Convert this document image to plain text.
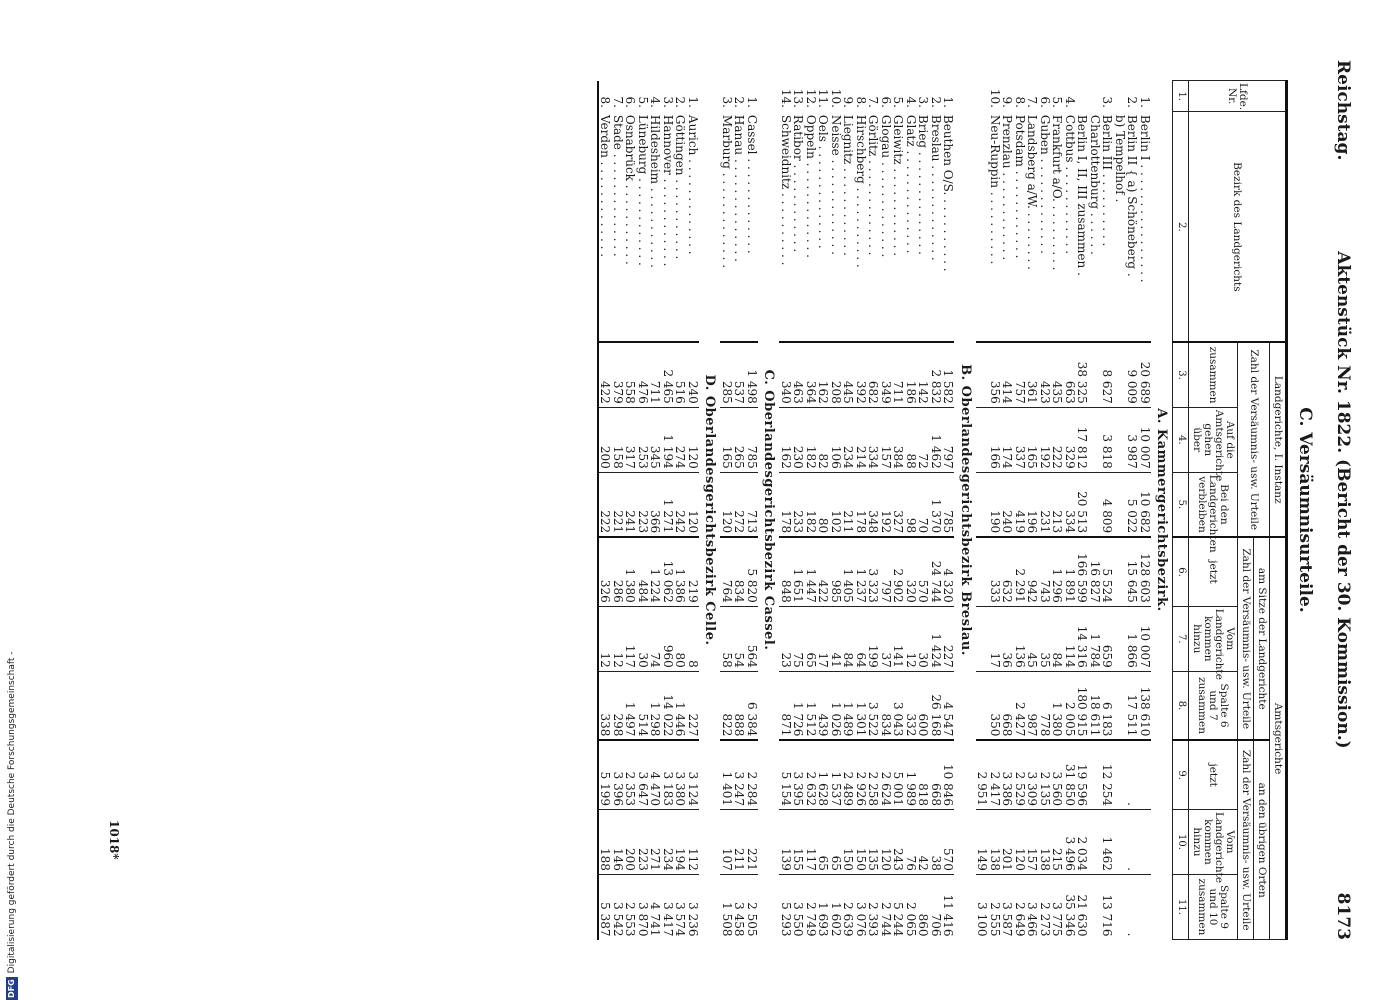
DFGDigitalisierung gefördert durch die Deutsche Forschungsgemeinschaft -
Reichstag.
Aktenstück Nr. 1822. (Bericht der 30. Kommission.)
8173
C. Versäumnisurteile.
Lfde. Nr.	Bezirk des Landgerichts	Landgerichte, I. Instanz			Amtsgerichte					
		Zahl der Versäumnis- usw. Urteile			am Sitze der Landgerichte			an den übrigen Orten		
					Zahl der Versäumnis- usw. Urteile			Zahl der Versäumnis- usw. Urteile		
		zusammen	Auf die Amtsgerichte gehen über	Bei den Landgerichten verbleiben	jetzt	Vom Landgerichte kommen hinzu	Spalte 6 und 7 zusammen	jetzt	Vom Landgerichte kommen hinzu	Spalte 9 und 10 zusammen
1.	2.	3.	4.	5.	6.	7.	8.	9.	10.	11.
A. Kammergerichtsbezirk.										
1.	Berlin I . . . . . . . . . . . . . . . .	20 689	10 007	10 682	128 603	10 007	138 610			
2.	Berlin II { a) Schöneberg .	9 009	3 987	5 022	15 645	1 866	17 511	.	.	.
	b) Tempelhof .									
3.	Berlin III . . . . . . . . . .	8 627	3 818	4 809	5 524	659	6 183	12 254	1 462	13 716
	Charlottenburg . . . . . .				16 827	1 784	18 611			
	Berlin I, II, III zusammen .	38 325	17 812	20 513	166 599	14 316	180 915	19 596	2 034	21 630
4.	Cottbus . . . . . . . . . . . .	663	329	334	1 891	114	2 005	31 850	3 496	35 346
5.	Frankfurt a/O. . . . . . . . . .	435	222	213	1 296	84	1 380	3 560	215	3 775
6.	Guben . . . . . . . . . . . . .	423	192	231	743	35	778	2 135	138	2 273
7.	Landsberg a/W. . . . . . . . .	361	165	196	942	45	987	3 309	157	3 466
8.	Potsdam . . . . . . . . . . . .	757	337	419	2 291	136	2 427	2 529	120	2 649
9.	Prenzlau . . . . . . . . . . . .	414	174	240	632	36	668	3 386	201	3 587
10.	Neu-Ruppin . . . . . . . . . .	356	166	190	333	17	350	2 417	138	2 555
								2 951	149	3 100
B. Oberlandesgerichtsbezirk Breslau.										
1.	Beuthen O/S. . . . . . . . . . .	1 582	797	785	4 320	227	4 547	10 846	570	11 416
2.	Breslau . . . . . . . . . . . . .	2 832	1 462	1 370	24 744	1 424	26 168	668	38	706
3.	Brieg . . . . . . . . . . . . . .	142	72	70	570	30	600	818	42	860
4.	Glatz . . . . . . . . . . . . . .	186	88	98	320	12	332	1 989	76	2 065
5.	Gleiwitz . . . . . . . . . . . .	711	384	327	2 902	141	3 043	5 001	243	5 244
6.	Glogau . . . . . . . . . . . . .	349	157	192	797	37	834	2 624	120	2 744
7.	Görlitz . . . . . . . . . . . . .	682	334	348	3 323	199	3 522	2 258	135	2 393
8.	Hirschberg . . . . . . . . . . .	392	214	178	1 237	64	1 301	2 926	150	3 076
9.	Liegnitz . . . . . . . . . . . .	445	234	211	1 405	84	1 489	2 489	150	2 639
10.	Neisse . . . . . . . . . . . . .	208	106	102	985	41	1 026	1 537	65	1 602
11.	Oels . . . . . . . . . . . . . .	162	82	80	422	17	439	1 628	65	1 693
12.	Oppeln . . . . . . . . . . . . .	364	182	182	1 447	65	1 512	2 632	117	2 749
13.	Ratibor . . . . . . . . . . . .	463	230	233	1 651	75	1 726	3 395	155	3 550
14.	Schweidnitz . . . . . . . . . .	340	162	178	848	23	871	5 154	139	5 293
C. Oberlandesgerichtsbezirk Cassel.										
1.	Cassel . . . . . . . . . . . . .	1 498	785	713	5 820	564	6 384	2 284	221	2 505
2.	Hanau . . . . . . . . . . . . . .	537	265	272	834	54	888	3 247	211	3 458
3.	Marburg . . . . . . . . . . . . .	285	165	120	764	58	822	1 401	107	1 508
D. Oberlandesgerichtsbezirk Celle.										
1.	Aurich . . . . . . . . . . . . .	240	120	120	219	8	227	3 124	112	3 236
2.	Göttingen . . . . . . . . . . .	516	274	242	1 386	80	1 446	3 380	194	3 574
3.	Hannover . . . . . . . . . . . .	2 465	1 194	1 271	13 062	960	14 022	3 183	234	3 417
4.	Hildesheim . . . . . . . . . . .	711	345	366	1 224	74	1 298	4 470	271	4 741
5.	Lüneburg . . . . . . . . . . . .	476	253	223	484	30	514	3 647	223	3 870
6.	Osnabrück . . . . . . . . . . .	558	317	241	1 380	117	1 497	2 353	200	2 553
7.	Stade . . . . . . . . . . . . . .	379	158	221	286	12	298	3 396	146	3 542
8.	Verden . . . . . . . . . . . . .	422	200	222	326	12	338	5 199	188	5 387
1018*
